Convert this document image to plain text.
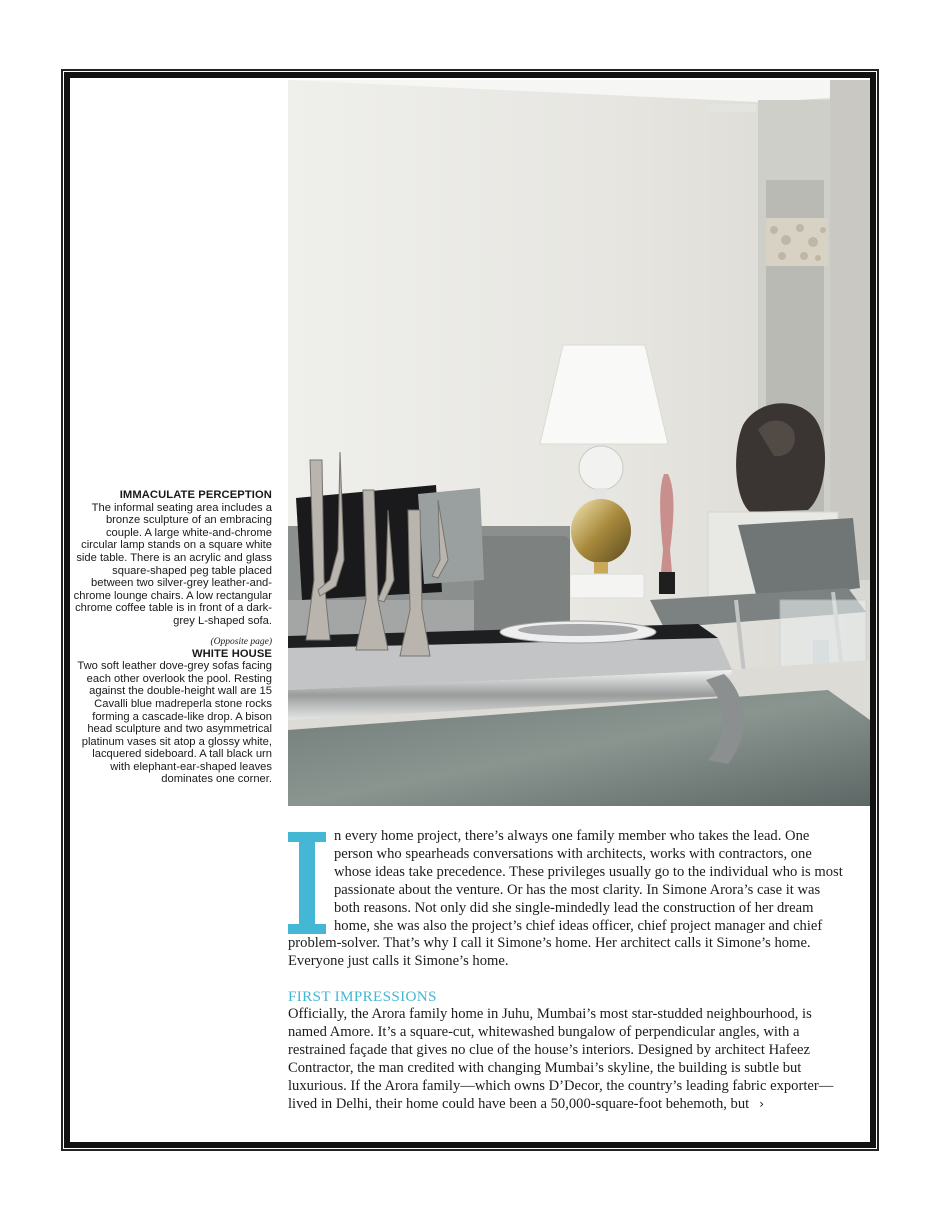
IMMACULATE PERCEPTION
The informal seating area includes a bronze sculpture of an embracing couple. A large white-and-chrome circular lamp stands on a square white side table. There is an acrylic and glass square-shaped peg table placed between two silver-grey leather-and-chrome lounge chairs. A low rectangular chrome coffee table is in front of a dark-grey L-shaped sofa.
(Opposite page)
WHITE HOUSE
Two soft leather dove-grey sofas facing each other overlook the pool. Resting against the double-height wall are 15 Cavalli blue madreperla stone rocks forming a cascade-like drop. A bison head sculpture and two asymmetrical platinum vases sit atop a glossy white, lacquered sideboard. A tall black urn with elephant-ear-shaped leaves dominates one corner.
I

n every home project, there’s always one family member who takes the lead. One person who spearheads conversations with architects, works with contractors, one whose ideas take precedence. These privileges usually go to the individual who is most passionate about the venture. Or has the most clarity. In Simone Arora’s case it was both reasons. Not only did she single-mindedly lead the construction of her dream home, she was also the project’s chief ideas officer, chief project manager and chief problem-solver. That’s why I call it Simone’s home. Her architect calls it Simone’s home. Everyone just calls it Simone’s home.

FIRST IMPRESSIONS

Officially, the Arora family home in Juhu, Mumbai’s most star-studded neighbourhood, is named Amore. It’s a square-cut, whitewashed bungalow of perpendicular angles, with a restrained façade that gives no clue of the house’s interiors. Designed by architect Hafeez Contractor, the man credited with changing Mumbai’s skyline, the building is subtle but luxurious. If the Arora family—which owns D’Decor, the country’s leading fabric exporter—lived in Delhi, their home could have been a 50,000-square-foot behemoth, but ›
